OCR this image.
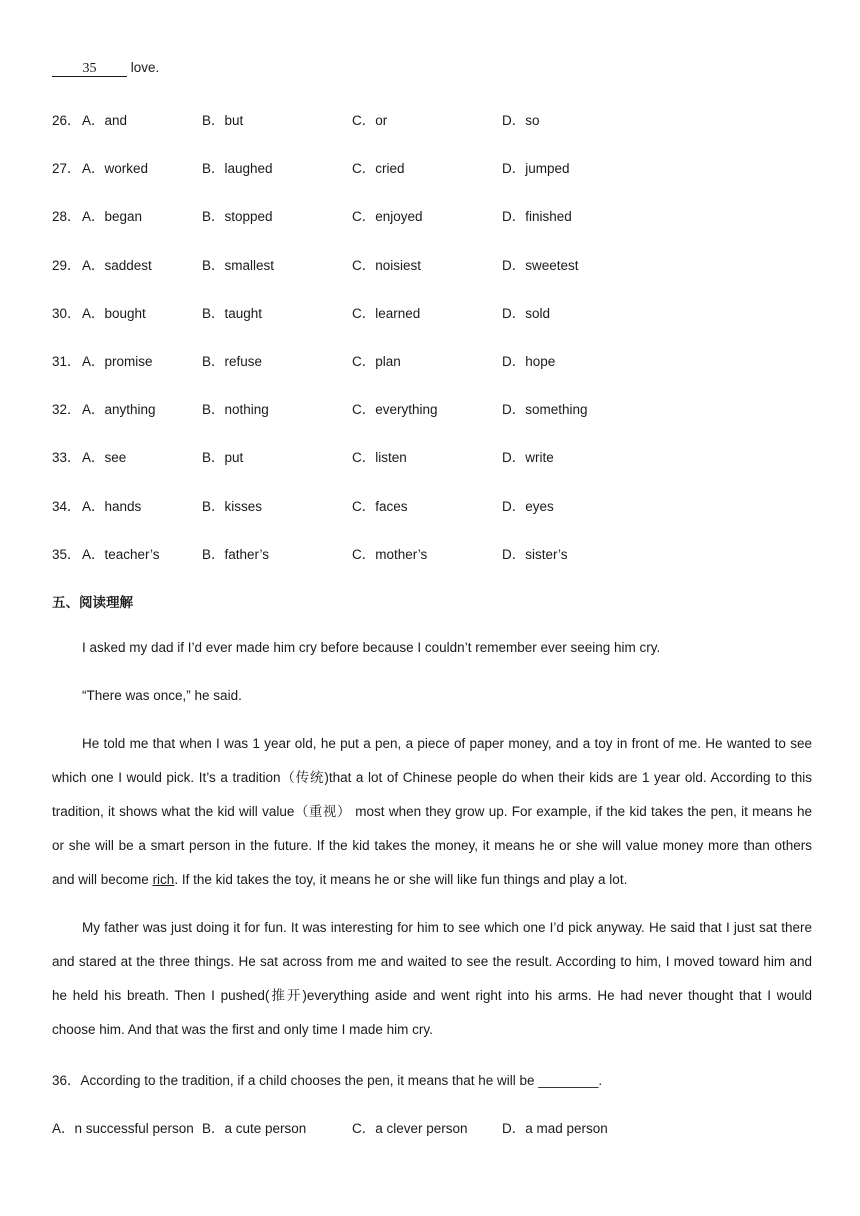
35	love.
26． A．and	B．but	C．or	D．so
27． A．worked	B．laughed	C．cried	D．jumped
28． A．began	B．stopped	C．enjoyed	D．finished
29． A．saddest	B．smallest	C．noisiest	D．sweetest
30． A．bought	B．taught	C．learned	D．sold
31． A．promise	B．refuse	C．plan	D．hope
32． A．anything	B．nothing	C．everything	D．something
33． A．see	B．put	C．listen	D．write
34． A．hands	B．kisses	C．faces	D．eyes
35． A．teacher’s	B．father’s	C．mother’s	D．sister’s
五、阅读理解
I asked my dad if I’d ever made him cry before because I couldn’t remember ever seeing him cry.
“There was once,” he said.
He told me that when I was 1 year old, he put a pen, a piece of paper money, and a toy in front of me. He wanted to see which one I would pick. It’s a tradition（传统)that a lot of Chinese people do when their kids are 1 year old. According to this tradition, it shows what the kid will value（重视） most when they grow up. For example, if the kid takes the pen, it means he or she will be a smart person in the future. If the kid takes the money, it means he or she will value money more than others and will become rich. If the kid takes the toy, it means he or she will like fun things and play a lot.
My father was just doing it for fun. It was interesting for him to see which one I’d pick anyway. He said that I just sat there and stared at the three things. He sat across from me and waited to see the result. According to him, I moved toward him and he held his breath. Then I pushed(推开)everything aside and went right into his arms. He had never thought that I would choose him. And that was the first and only time I made him cry.
36．According to the tradition, if a child chooses the pen, it means that he will be ________.
A．n successful person B．a cute person	C．a clever person	D．a mad person
